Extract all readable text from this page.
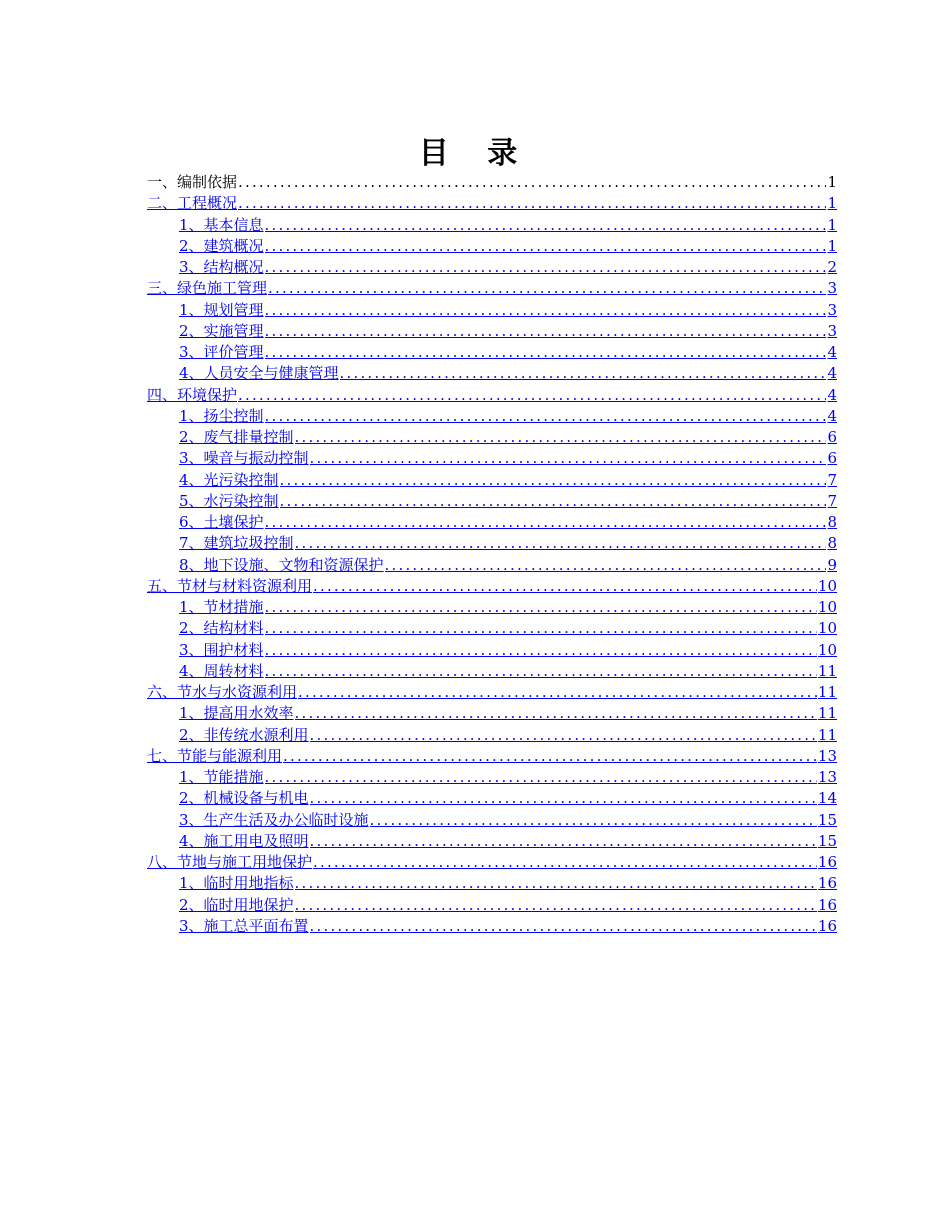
目 录
一、编制依据 .....	1
二、工程概况 .....	1
1、基本信息 .....	1
2、建筑概况 .....	1
3、结构概况 .....	2
三、绿色施工管理 .....	3
1、规划管理 .....	3
2、实施管理 .....	3
3、评价管理 .....	4
4、人员安全与健康管理 .....	4
四、环境保护 .....	4
1、扬尘控制 .....	4
2、废气排量控制 .....	6
3、噪音与振动控制 .....	6
4、光污染控制 .....	7
5、水污染控制 .....	7
6、土壤保护 .....	8
7、建筑垃圾控制 .....	8
8、地下设施、文物和资源保护 .....	9
五、节材与材料资源利用 .....	10
1、节材措施 .....	10
2、结构材料 .....	10
3、围护材料 .....	10
4、周转材料 .....	11
六、节水与水资源利用 .....	11
1、提高用水效率 .....	11
2、非传统水源利用 .....	11
七、节能与能源利用 .....	13
1、节能措施 .....	13
2、机械设备与机电 .....	14
3、生产生活及办公临时设施 .....	15
4、施工用电及照明 .....	15
八、节地与施工用地保护 .....	16
1、临时用地指标 .....	16
2、临时用地保护 .....	16
3、施工总平面布置 .....	16
